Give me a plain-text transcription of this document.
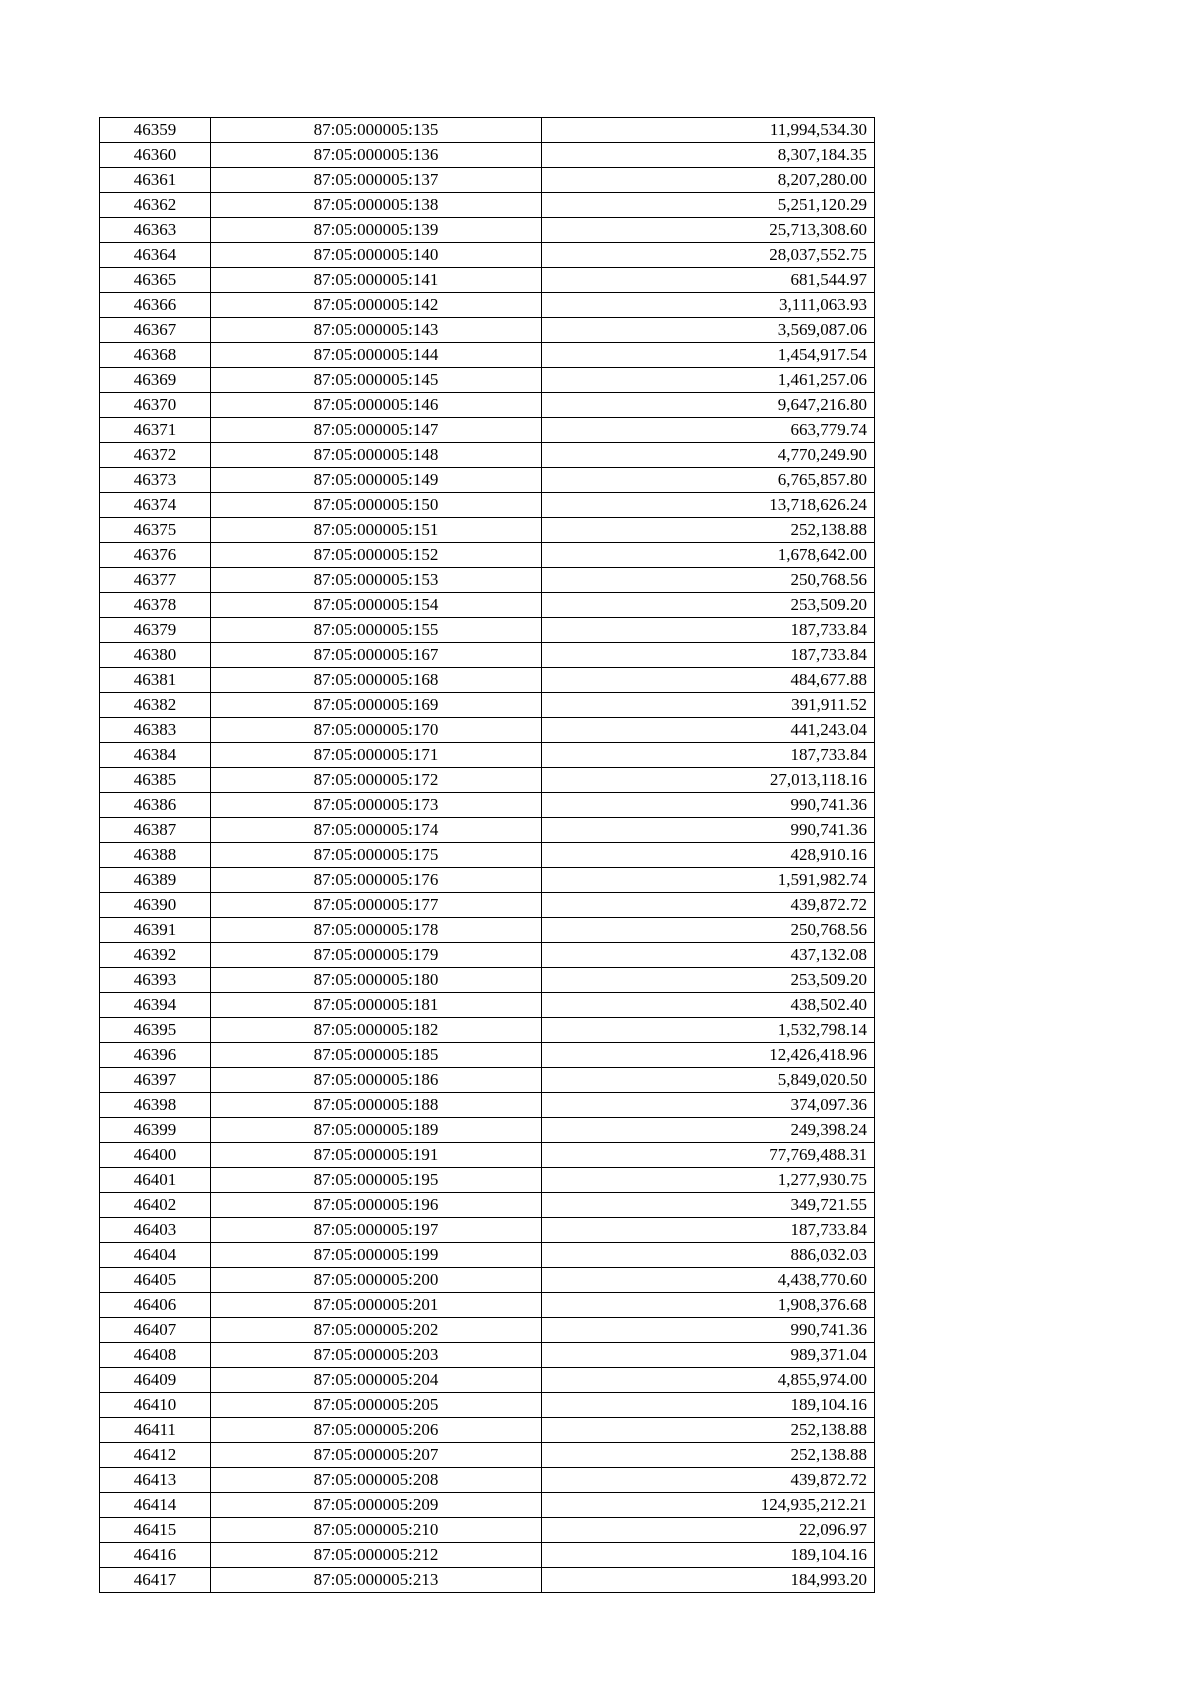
46359	87:05:000005:135	11,994,534.30
46360	87:05:000005:136	8,307,184.35
46361	87:05:000005:137	8,207,280.00
46362	87:05:000005:138	5,251,120.29
46363	87:05:000005:139	25,713,308.60
46364	87:05:000005:140	28,037,552.75
46365	87:05:000005:141	681,544.97
46366	87:05:000005:142	3,111,063.93
46367	87:05:000005:143	3,569,087.06
46368	87:05:000005:144	1,454,917.54
46369	87:05:000005:145	1,461,257.06
46370	87:05:000005:146	9,647,216.80
46371	87:05:000005:147	663,779.74
46372	87:05:000005:148	4,770,249.90
46373	87:05:000005:149	6,765,857.80
46374	87:05:000005:150	13,718,626.24
46375	87:05:000005:151	252,138.88
46376	87:05:000005:152	1,678,642.00
46377	87:05:000005:153	250,768.56
46378	87:05:000005:154	253,509.20
46379	87:05:000005:155	187,733.84
46380	87:05:000005:167	187,733.84
46381	87:05:000005:168	484,677.88
46382	87:05:000005:169	391,911.52
46383	87:05:000005:170	441,243.04
46384	87:05:000005:171	187,733.84
46385	87:05:000005:172	27,013,118.16
46386	87:05:000005:173	990,741.36
46387	87:05:000005:174	990,741.36
46388	87:05:000005:175	428,910.16
46389	87:05:000005:176	1,591,982.74
46390	87:05:000005:177	439,872.72
46391	87:05:000005:178	250,768.56
46392	87:05:000005:179	437,132.08
46393	87:05:000005:180	253,509.20
46394	87:05:000005:181	438,502.40
46395	87:05:000005:182	1,532,798.14
46396	87:05:000005:185	12,426,418.96
46397	87:05:000005:186	5,849,020.50
46398	87:05:000005:188	374,097.36
46399	87:05:000005:189	249,398.24
46400	87:05:000005:191	77,769,488.31
46401	87:05:000005:195	1,277,930.75
46402	87:05:000005:196	349,721.55
46403	87:05:000005:197	187,733.84
46404	87:05:000005:199	886,032.03
46405	87:05:000005:200	4,438,770.60
46406	87:05:000005:201	1,908,376.68
46407	87:05:000005:202	990,741.36
46408	87:05:000005:203	989,371.04
46409	87:05:000005:204	4,855,974.00
46410	87:05:000005:205	189,104.16
46411	87:05:000005:206	252,138.88
46412	87:05:000005:207	252,138.88
46413	87:05:000005:208	439,872.72
46414	87:05:000005:209	124,935,212.21
46415	87:05:000005:210	22,096.97
46416	87:05:000005:212	189,104.16
46417	87:05:000005:213	184,993.20
